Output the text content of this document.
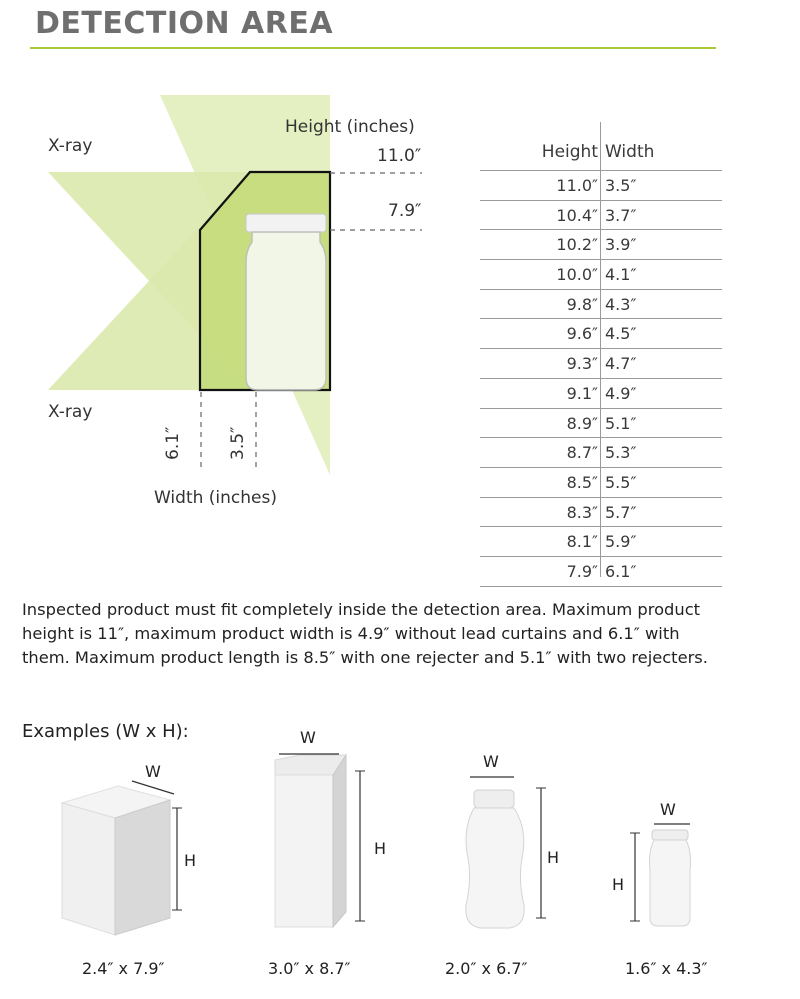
DETECTION AREA
X-ray
X-ray
Height (inches)
11.0″
7.9″
6.1″	3.5″
Width (inches)
Height Width
11.0″ 3.5″
10.4″ 3.7″
10.2″ 3.9″
10.0″ 4.1″
9.8″ 4.3″
9.6″ 4.5″
9.3″ 4.7″
9.1″ 4.9″
8.9″ 5.1″
8.7″ 5.3″
8.5″ 5.5″
8.3″ 5.7″
8.1″ 5.9″
7.9″ 6.1″
Inspected product must fit completely inside the detection area. Maximum product height is 11″, maximum product width is 4.9″ without lead curtains and 6.1″ with them. Maximum product length is 8.5″ with one rejecter and 5.1″ with two rejecters.
Examples (W x H):
W
H
W
H
W
H
W
H
2.4″ x 7.9″	3.0″ x 8.7″	2.0″ x 6.7″	1.6″ x 4.3″
